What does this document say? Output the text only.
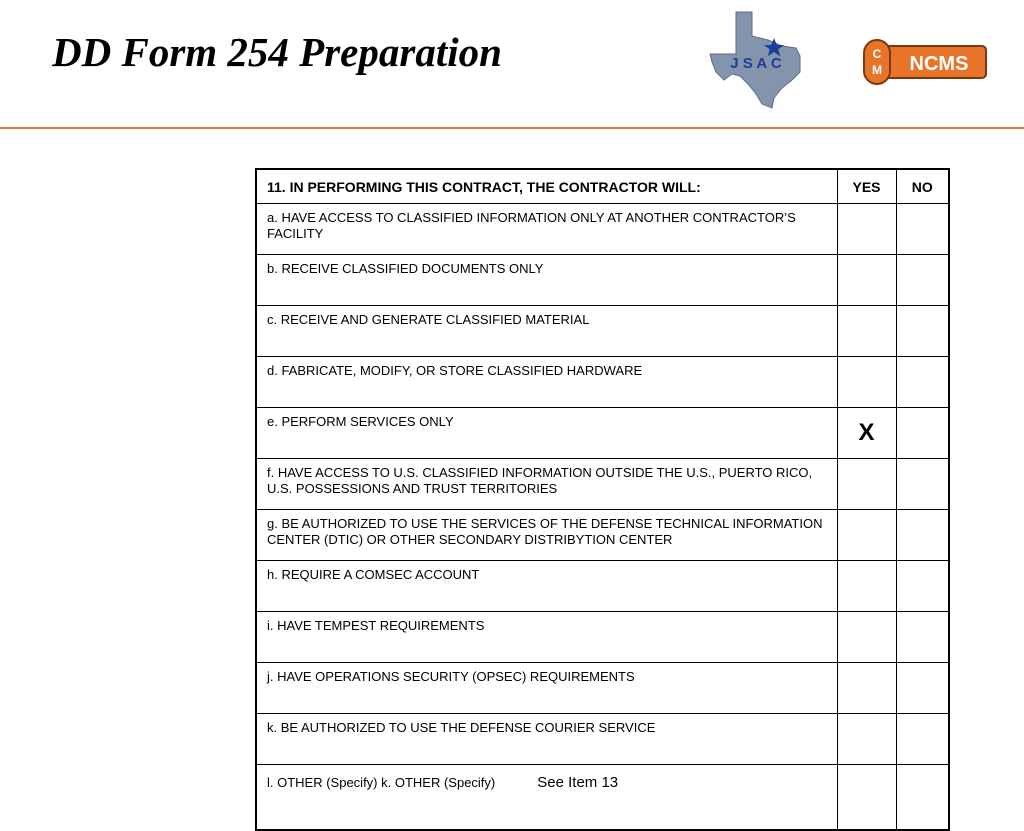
DD Form 254 Preparation	J S A C
C
M NCMS
11. IN PERFORMING THIS CONTRACT, THE CONTRACTOR WILL:	YES	NO
a. HAVE ACCESS TO CLASSIFIED INFORMATION ONLY AT ANOTHER CONTRACTOR’S FACILITY		
b. RECEIVE CLASSIFIED DOCUMENTS ONLY		
c. RECEIVE AND GENERATE CLASSIFIED MATERIAL		
d. FABRICATE, MODIFY, OR STORE CLASSIFIED HARDWARE		
e. PERFORM SERVICES ONLY	X	
f. HAVE ACCESS TO U.S. CLASSIFIED INFORMATION OUTSIDE THE U.S., PUERTO RICO, U.S. POSSESSIONS AND TRUST TERRITORIES		
g. BE AUTHORIZED TO USE THE SERVICES OF THE DEFENSE TECHNICAL INFORMATION CENTER (DTIC) OR OTHER SECONDARY DISTRIBYTION CENTER		
h. REQUIRE A COMSEC ACCOUNT		
i. HAVE TEMPEST REQUIREMENTS		
j. HAVE OPERATIONS SECURITY (OPSEC) REQUIREMENTS		
k. BE AUTHORIZED TO USE THE DEFENSE COURIER SERVICE		
l. OTHER (Specify) k. OTHER (Specify) See Item 13		
